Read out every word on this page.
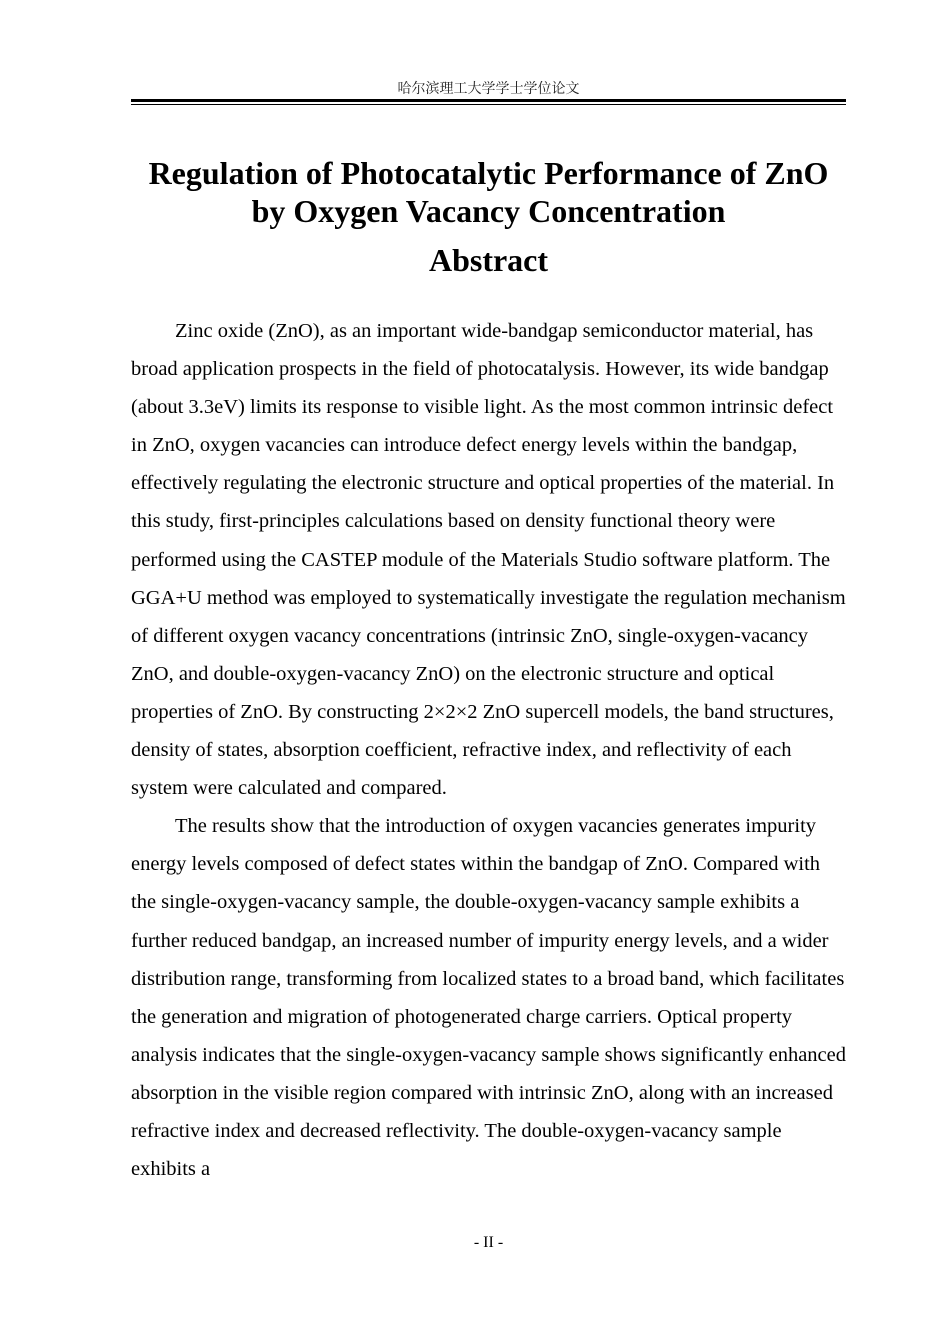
哈尔滨理工大学学士学位论文
Regulation of Photocatalytic Performance of ZnO
by Oxygen Vacancy Concentration
Abstract

Zinc oxide (ZnO), as an important wide-bandgap semiconductor material, has broad application prospects in the field of photocatalysis. However, its wide bandgap (about 3.3eV) limits its response to visible light. As the most common intrinsic defect in ZnO, oxygen vacancies can introduce defect energy levels within the bandgap, effectively regulating the electronic structure and optical properties of the material. In this study, first-principles calculations based on density functional theory were performed using the CASTEP module of the Materials Studio software platform. The GGA+U method was employed to systematically investigate the regulation mechanism of different oxygen vacancy concentrations (intrinsic ZnO, single-oxygen-vacancy ZnO, and double-oxygen-vacancy ZnO) on the electronic structure and optical properties of ZnO. By constructing 2×2×2 ZnO supercell models, the band structures, density of states, absorption coefficient, refractive index, and reflectivity of each system were calculated and compared.

The results show that the introduction of oxygen vacancies generates impurity energy levels composed of defect states within the bandgap of ZnO. Compared with the single-oxygen-vacancy sample, the double-oxygen-vacancy sample exhibits a further reduced bandgap, an increased number of impurity energy levels, and a wider distribution range, transforming from localized states to a broad band, which facilitates the generation and migration of photogenerated charge carriers. Optical property analysis indicates that the single-oxygen-vacancy sample shows significantly enhanced absorption in the visible region compared with intrinsic ZnO, along with an increased refractive index and decreased reflectivity. The double-oxygen-vacancy sample exhibits a

- II -
